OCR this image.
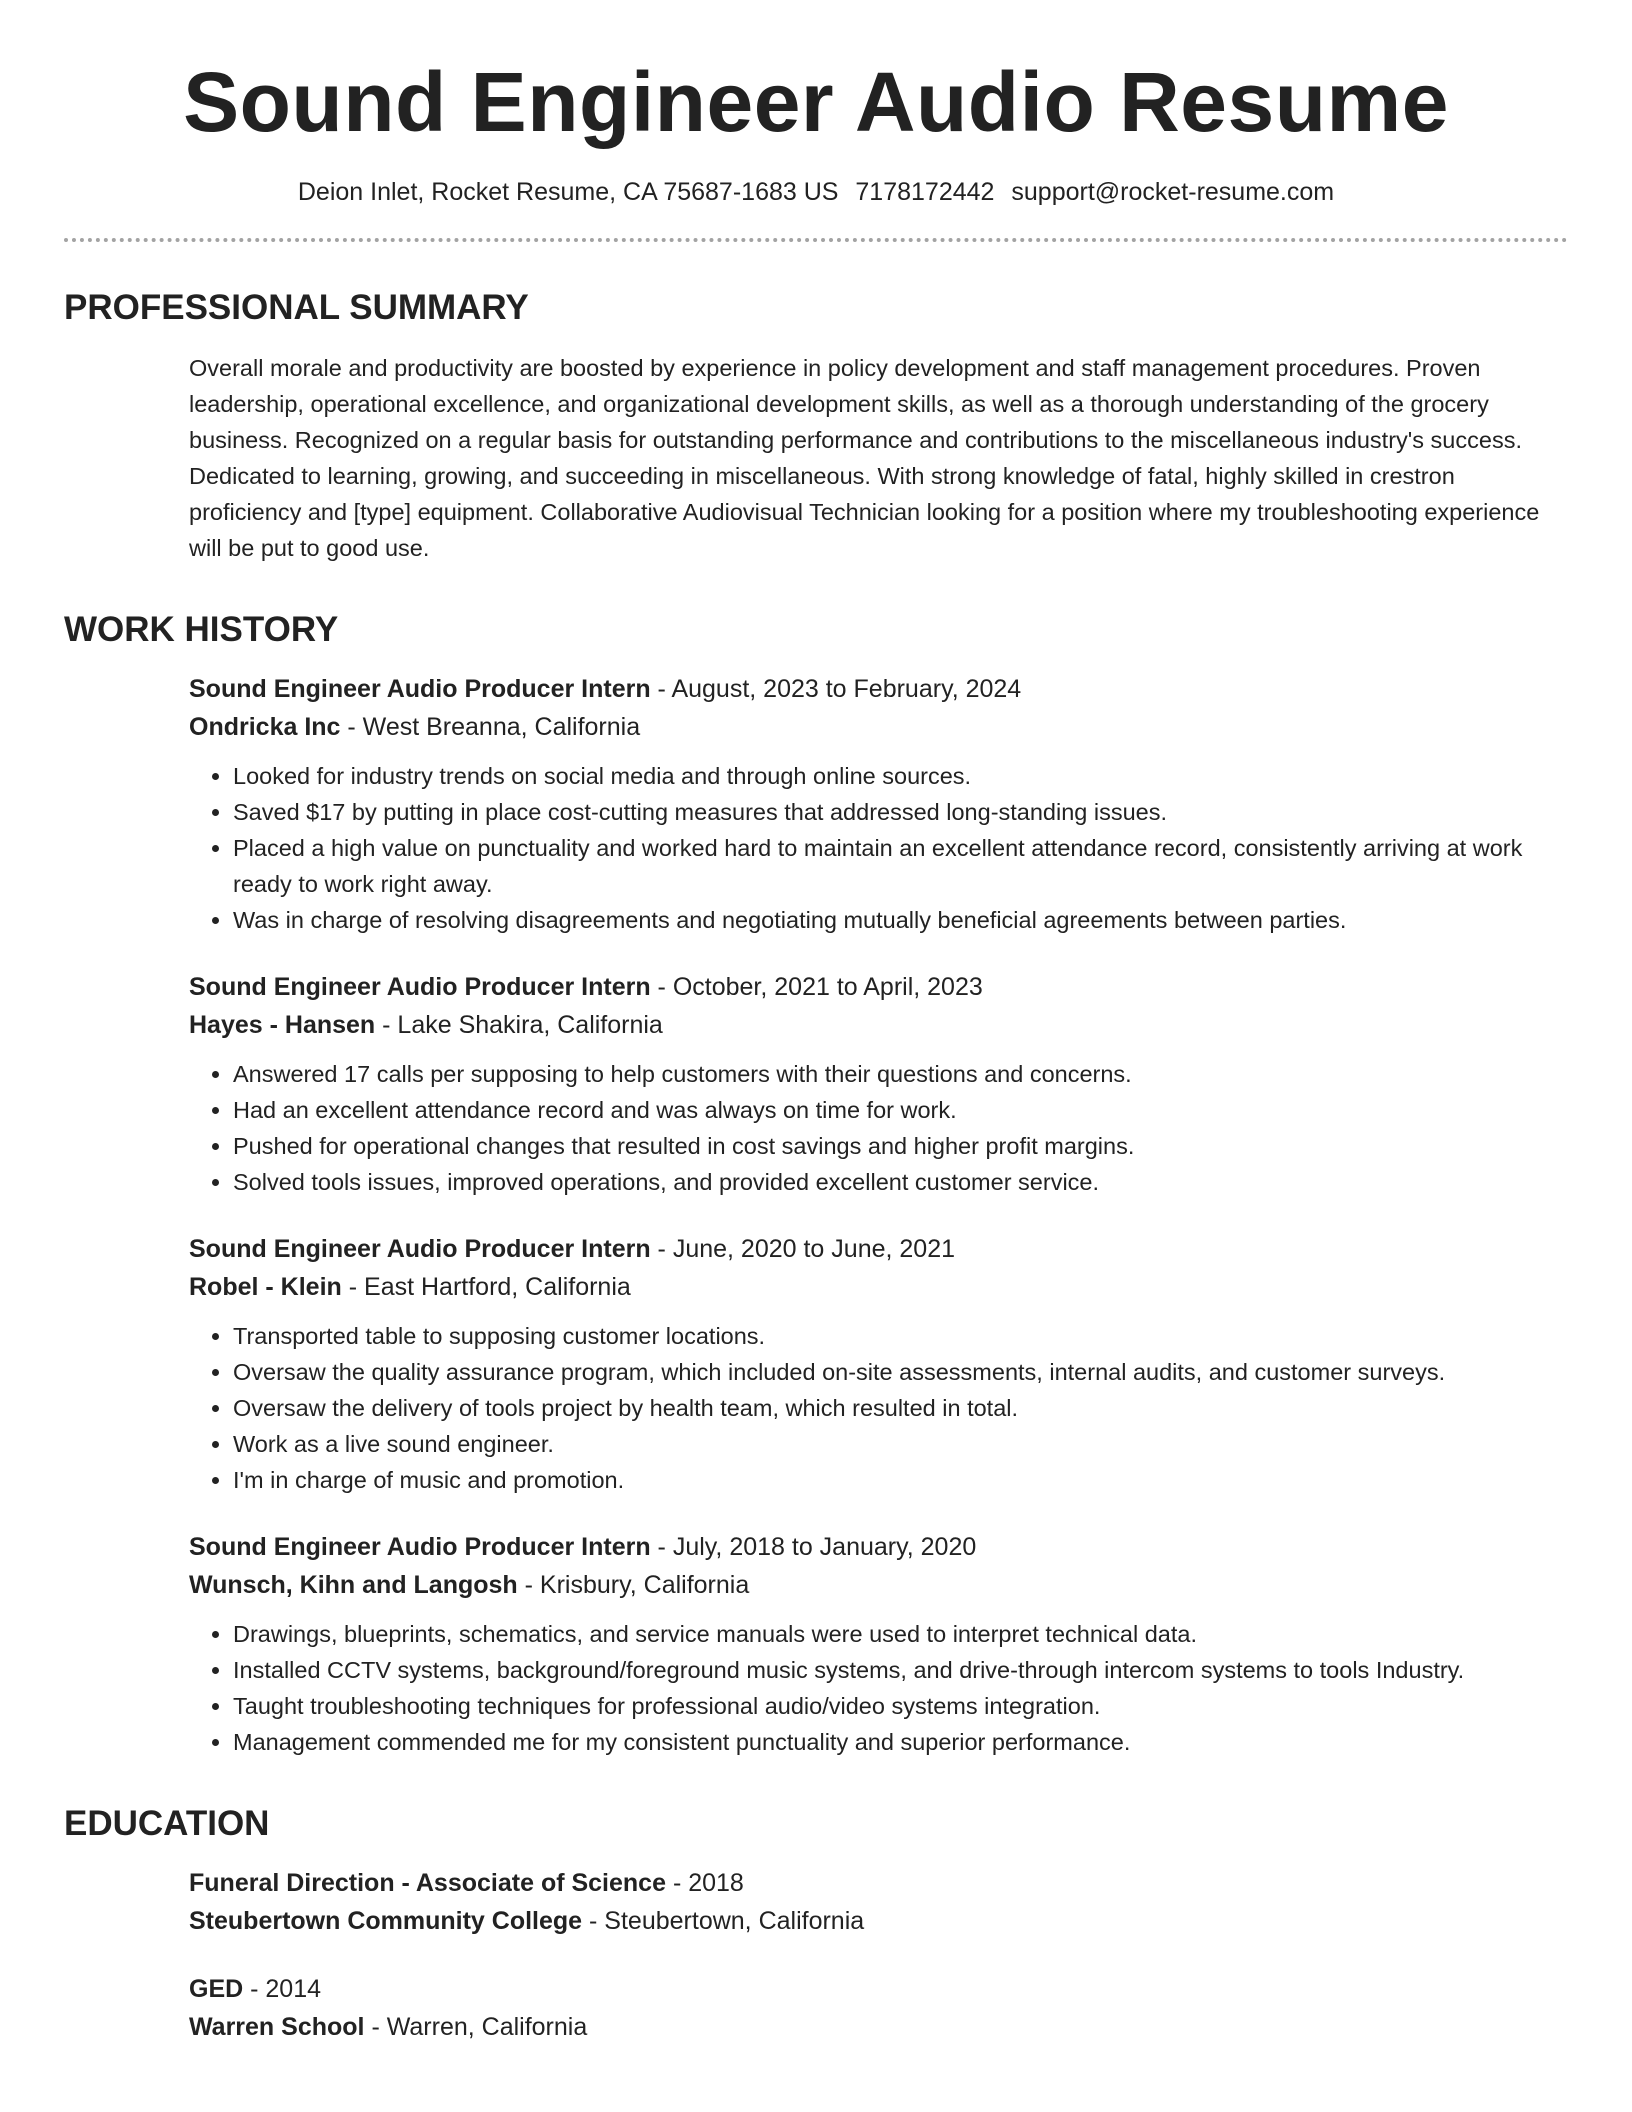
Sound Engineer Audio Resume
Deion Inlet, Rocket Resume, CA 75687-1683 US 7178172442 support@rocket-resume.com
PROFESSIONAL SUMMARY
Overall morale and productivity are boosted by experience in policy development and staff management procedures. Proven leadership, operational excellence, and organizational development skills, as well as a thorough understanding of the grocery business. Recognized on a regular basis for outstanding performance and contributions to the miscellaneous industry's success. Dedicated to learning, growing, and succeeding in miscellaneous. With strong knowledge of fatal, highly skilled in crestron proficiency and [type] equipment. Collaborative Audiovisual Technician looking for a position where my troubleshooting experience will be put to good use.
WORK HISTORY
Sound Engineer Audio Producer Intern - August, 2023 to February, 2024
Ondricka Inc - West Breanna, California
• Looked for industry trends on social media and through online sources.
• Saved $17 by putting in place cost-cutting measures that addressed long-standing issues.
• Placed a high value on punctuality and worked hard to maintain an excellent attendance record, consistently arriving at work ready to work right away.
• Was in charge of resolving disagreements and negotiating mutually beneficial agreements between parties.
Sound Engineer Audio Producer Intern - October, 2021 to April, 2023
Hayes - Hansen - Lake Shakira, California
• Answered 17 calls per supposing to help customers with their questions and concerns.
• Had an excellent attendance record and was always on time for work.
• Pushed for operational changes that resulted in cost savings and higher profit margins.
• Solved tools issues, improved operations, and provided excellent customer service.
Sound Engineer Audio Producer Intern - June, 2020 to June, 2021
Robel - Klein - East Hartford, California
• Transported table to supposing customer locations.
• Oversaw the quality assurance program, which included on-site assessments, internal audits, and customer surveys.
• Oversaw the delivery of tools project by health team, which resulted in total.
• Work as a live sound engineer.
• I'm in charge of music and promotion.
Sound Engineer Audio Producer Intern - July, 2018 to January, 2020
Wunsch, Kihn and Langosh - Krisbury, California
• Drawings, blueprints, schematics, and service manuals were used to interpret technical data.
• Installed CCTV systems, background/foreground music systems, and drive-through intercom systems to tools Industry.
• Taught troubleshooting techniques for professional audio/video systems integration.
• Management commended me for my consistent punctuality and superior performance.
EDUCATION
Funeral Direction - Associate of Science - 2018
Steubertown Community College - Steubertown, California
GED - 2014
Warren School - Warren, California
